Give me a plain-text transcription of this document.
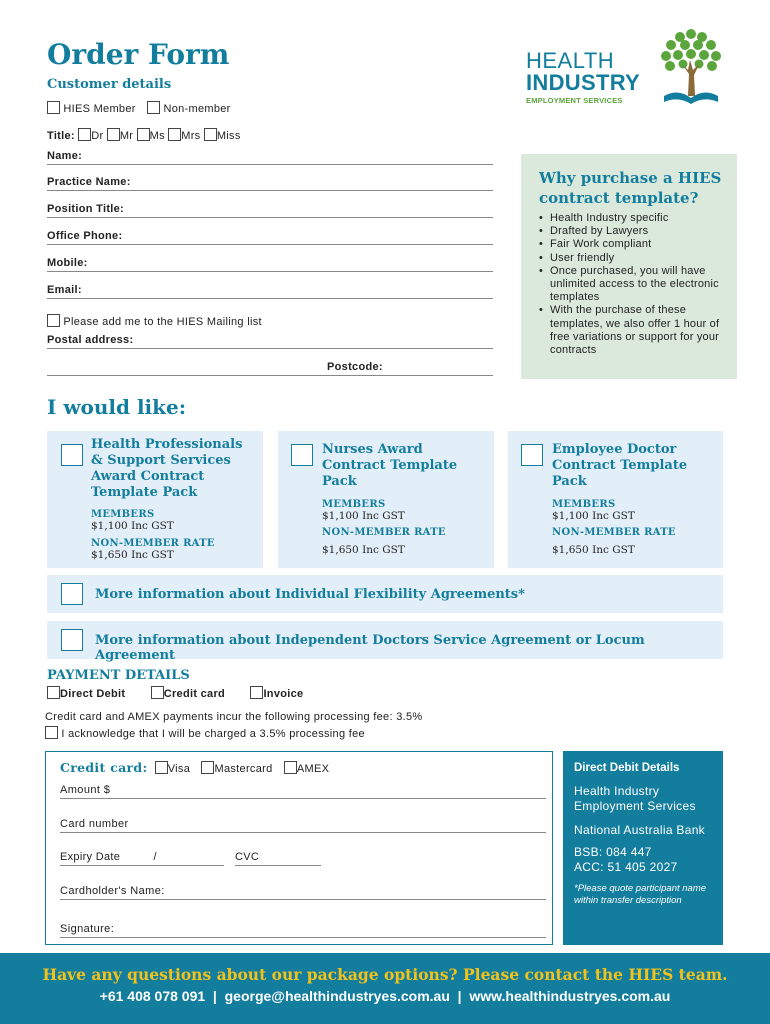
Order Form
Customer details
HIES Member	Non-member
Title: Dr Mr Ms Mrs Miss
HEALTH
INDUSTRY
EMPLOYMENT SERVICES
Name:
Practice Name:
Position Title:
Office Phone:
Mobile:
Email:
Please add me to the HIES Mailing list
Postal address:
Postcode:
Why purchase a HIES contract template?
• Health Industry specific
• Drafted by Lawyers
• Fair Work compliant
• User friendly
• Once purchased, you will have unlimited access to the electronic templates
• With the purchase of these templates, we also offer 1 hour of free variations or support for your contracts
I would like:
Health Professionals & Support Services Award Contract Template Pack
MEMBERS
$1,100 Inc GST
NON-MEMBER RATE
$1,650 Inc GST
Nurses Award Contract Template Pack
MEMBERS
$1,100 Inc GST
NON-MEMBER RATE
$1,650 Inc GST
Employee Doctor Contract Template Pack
MEMBERS
$1,100 Inc GST
NON-MEMBER RATE
$1,650 Inc GST
More information about Individual Flexibility Agreements*
More information about Independent Doctors Service Agreement or Locum Agreement
PAYMENT DETAILS
Direct Debit	Credit card	Invoice
Credit card and AMEX payments incur the following processing fee: 3.5%
I acknowledge that I will be charged a 3.5% processing fee
Credit card: Visa Mastercard AMEX
Amount $
Card number
Expiry Date	/	CVC
Cardholder's Name:
Signature:
Direct Debit Details
Health Industry Employment Services
National Australia Bank
BSB: 084 447
ACC: 51 405 2027
*Please quote participant name within transfer description
Have any questions about our package options? Please contact the HIES team.
+61 408 078 091  |  george@healthindustryes.com.au  |  www.healthindustryes.com.au
